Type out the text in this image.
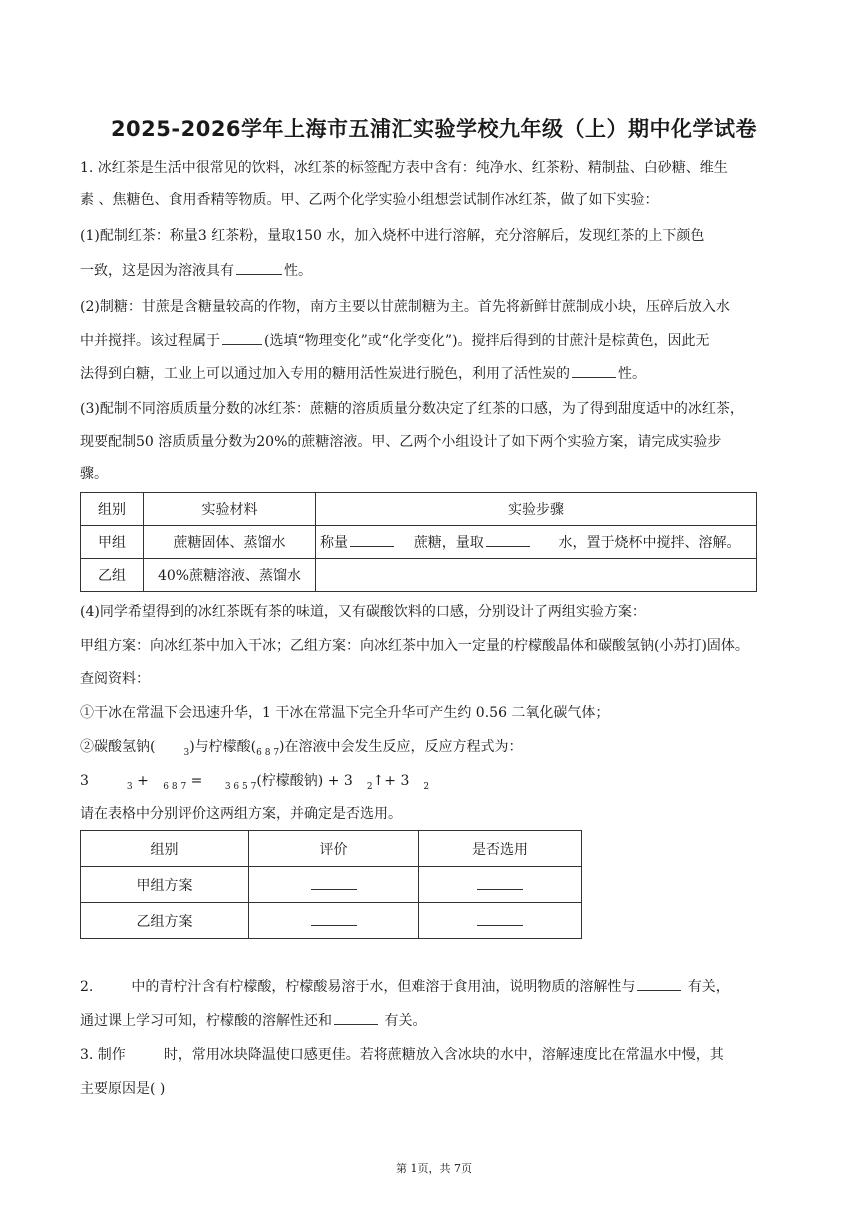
2025-2026学年上海市五浦汇实验学校九年级（上）期中化学试卷
1. 冰红茶是生活中很常见的饮料，冰红茶的标签配方表中含有：纯净水、红茶粉、精制盐、白砂糖、维生
素 、焦糖色、食用香精等物质。甲、乙两个化学实验小组想尝试制作冰红茶，做了如下实验：
(1)配制红茶：称量3 红茶粉，量取150 水，加入烧杯中进行溶解，充分溶解后，发现红茶的上下颜色
一致，这是因为溶液具有	性。
(2)制糖：甘蔗是含糖量较高的作物，南方主要以甘蔗制糖为主。首先将新鲜甘蔗制成小块，压碎后放入水
中并搅拌。该过程属于	(选填“物理变化”或“化学变化”)。搅拌后得到的甘蔗汁是棕黄色，因此无
法得到白糖，工业上可以通过加入专用的糖用活性炭进行脱色，利用了活性炭的	性。
(3)配制不同溶质质量分数的冰红茶：蔗糖的溶质质量分数决定了红茶的口感，为了得到甜度适中的冰红茶，
现要配制50 溶质质量分数为20%的蔗糖溶液。甲、乙两个小组设计了如下两个实验方案，请完成实验步
骤。
组别	实验材料	实验步骤
甲组	蔗糖固体、蒸馏水	称量 蔗糖，量取 水，置于烧杯中搅拌、溶解。
乙组	40%蔗糖溶液、蒸馏水	
(4)同学希望得到的冰红茶既有茶的味道，又有碳酸饮料的口感，分别设计了两组实验方案：
甲组方案：向冰红茶中加入干冰；乙组方案：向冰红茶中加入一定量的柠檬酸晶体和碳酸氢钠(小苏打)固体。
查阅资料：
①干冰在常温下会迅速升华，1 干冰在常温下完全升华可产生约 0.56 二氧化碳气体；
②碳酸氢钠(	$_3$)与柠檬酸$(_{6 8 7})$在溶液中会发生反应，反应方程式为：
3	$_3$ + $_{6 8 7}$ = $_{3 6 5 7}$(柠檬酸钠) + 3 $_2$↑+ 3 $_2$
请在表格中分别评价这两组方案，并确定是否选用。
组别	评价	是否选用
甲组方案		
乙组方案		
2.	中的青柠汁含有柠檬酸，柠檬酸易溶于水，但难溶于食用油，说明物质的溶解性与	有关，
通过课上学习可知，柠檬酸的溶解性还和	有关。
3. 制作	时，常用冰块降温使口感更佳。若将蔗糖放入含冰块的水中，溶解速度比在常温水中慢，其
主要原因是( )
第 1页，共 7页
